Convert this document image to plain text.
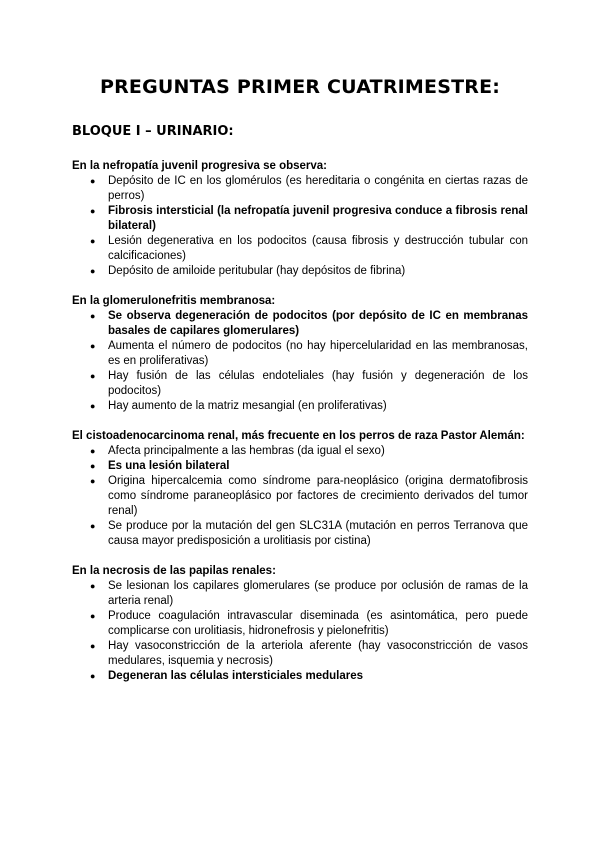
PREGUNTAS PRIMER CUATRIMESTRE:
BLOQUE I – URINARIO:

En la nefropatía juvenil progresiva se observa:

● Depósito de IC en los glomérulos (es hereditaria o congénita en ciertas razas de perros)
● Fibrosis intersticial (la nefropatía juvenil progresiva conduce a fibrosis renal bilateral)
● Lesión degenerativa en los podocitos (causa fibrosis y destrucción tubular con calcificaciones)
● Depósito de amiloide peritubular (hay depósitos de fibrina)

En la glomerulonefritis membranosa:

● Se observa degeneración de podocitos (por depósito de IC en membranas basales de capilares glomerulares)
● Aumenta el número de podocitos (no hay hipercelularidad en las membranosas, es en proliferativas)
● Hay fusión de las células endoteliales (hay fusión y degeneración de los podocitos)
● Hay aumento de la matriz mesangial (en proliferativas)

El cistoadenocarcinoma renal, más frecuente en los perros de raza Pastor Alemán:

● Afecta principalmente a las hembras (da igual el sexo)
● Es una lesión bilateral
● Origina hipercalcemia como síndrome para-neoplásico (origina dermatofibrosis como síndrome paraneoplásico por factores de crecimiento derivados del tumor renal)
● Se produce por la mutación del gen SLC31A (mutación en perros Terranova que causa mayor predisposición a urolitiasis por cistina)

En la necrosis de las papilas renales:

● Se lesionan los capilares glomerulares (se produce por oclusión de ramas de la arteria renal)
● Produce coagulación intravascular diseminada (es asintomática, pero puede complicarse con urolitiasis, hidronefrosis y pielonefritis)
● Hay vasoconstricción de la arteriola aferente (hay vasoconstricción de vasos medulares, isquemia y necrosis)
● Degeneran las células intersticiales medulares
